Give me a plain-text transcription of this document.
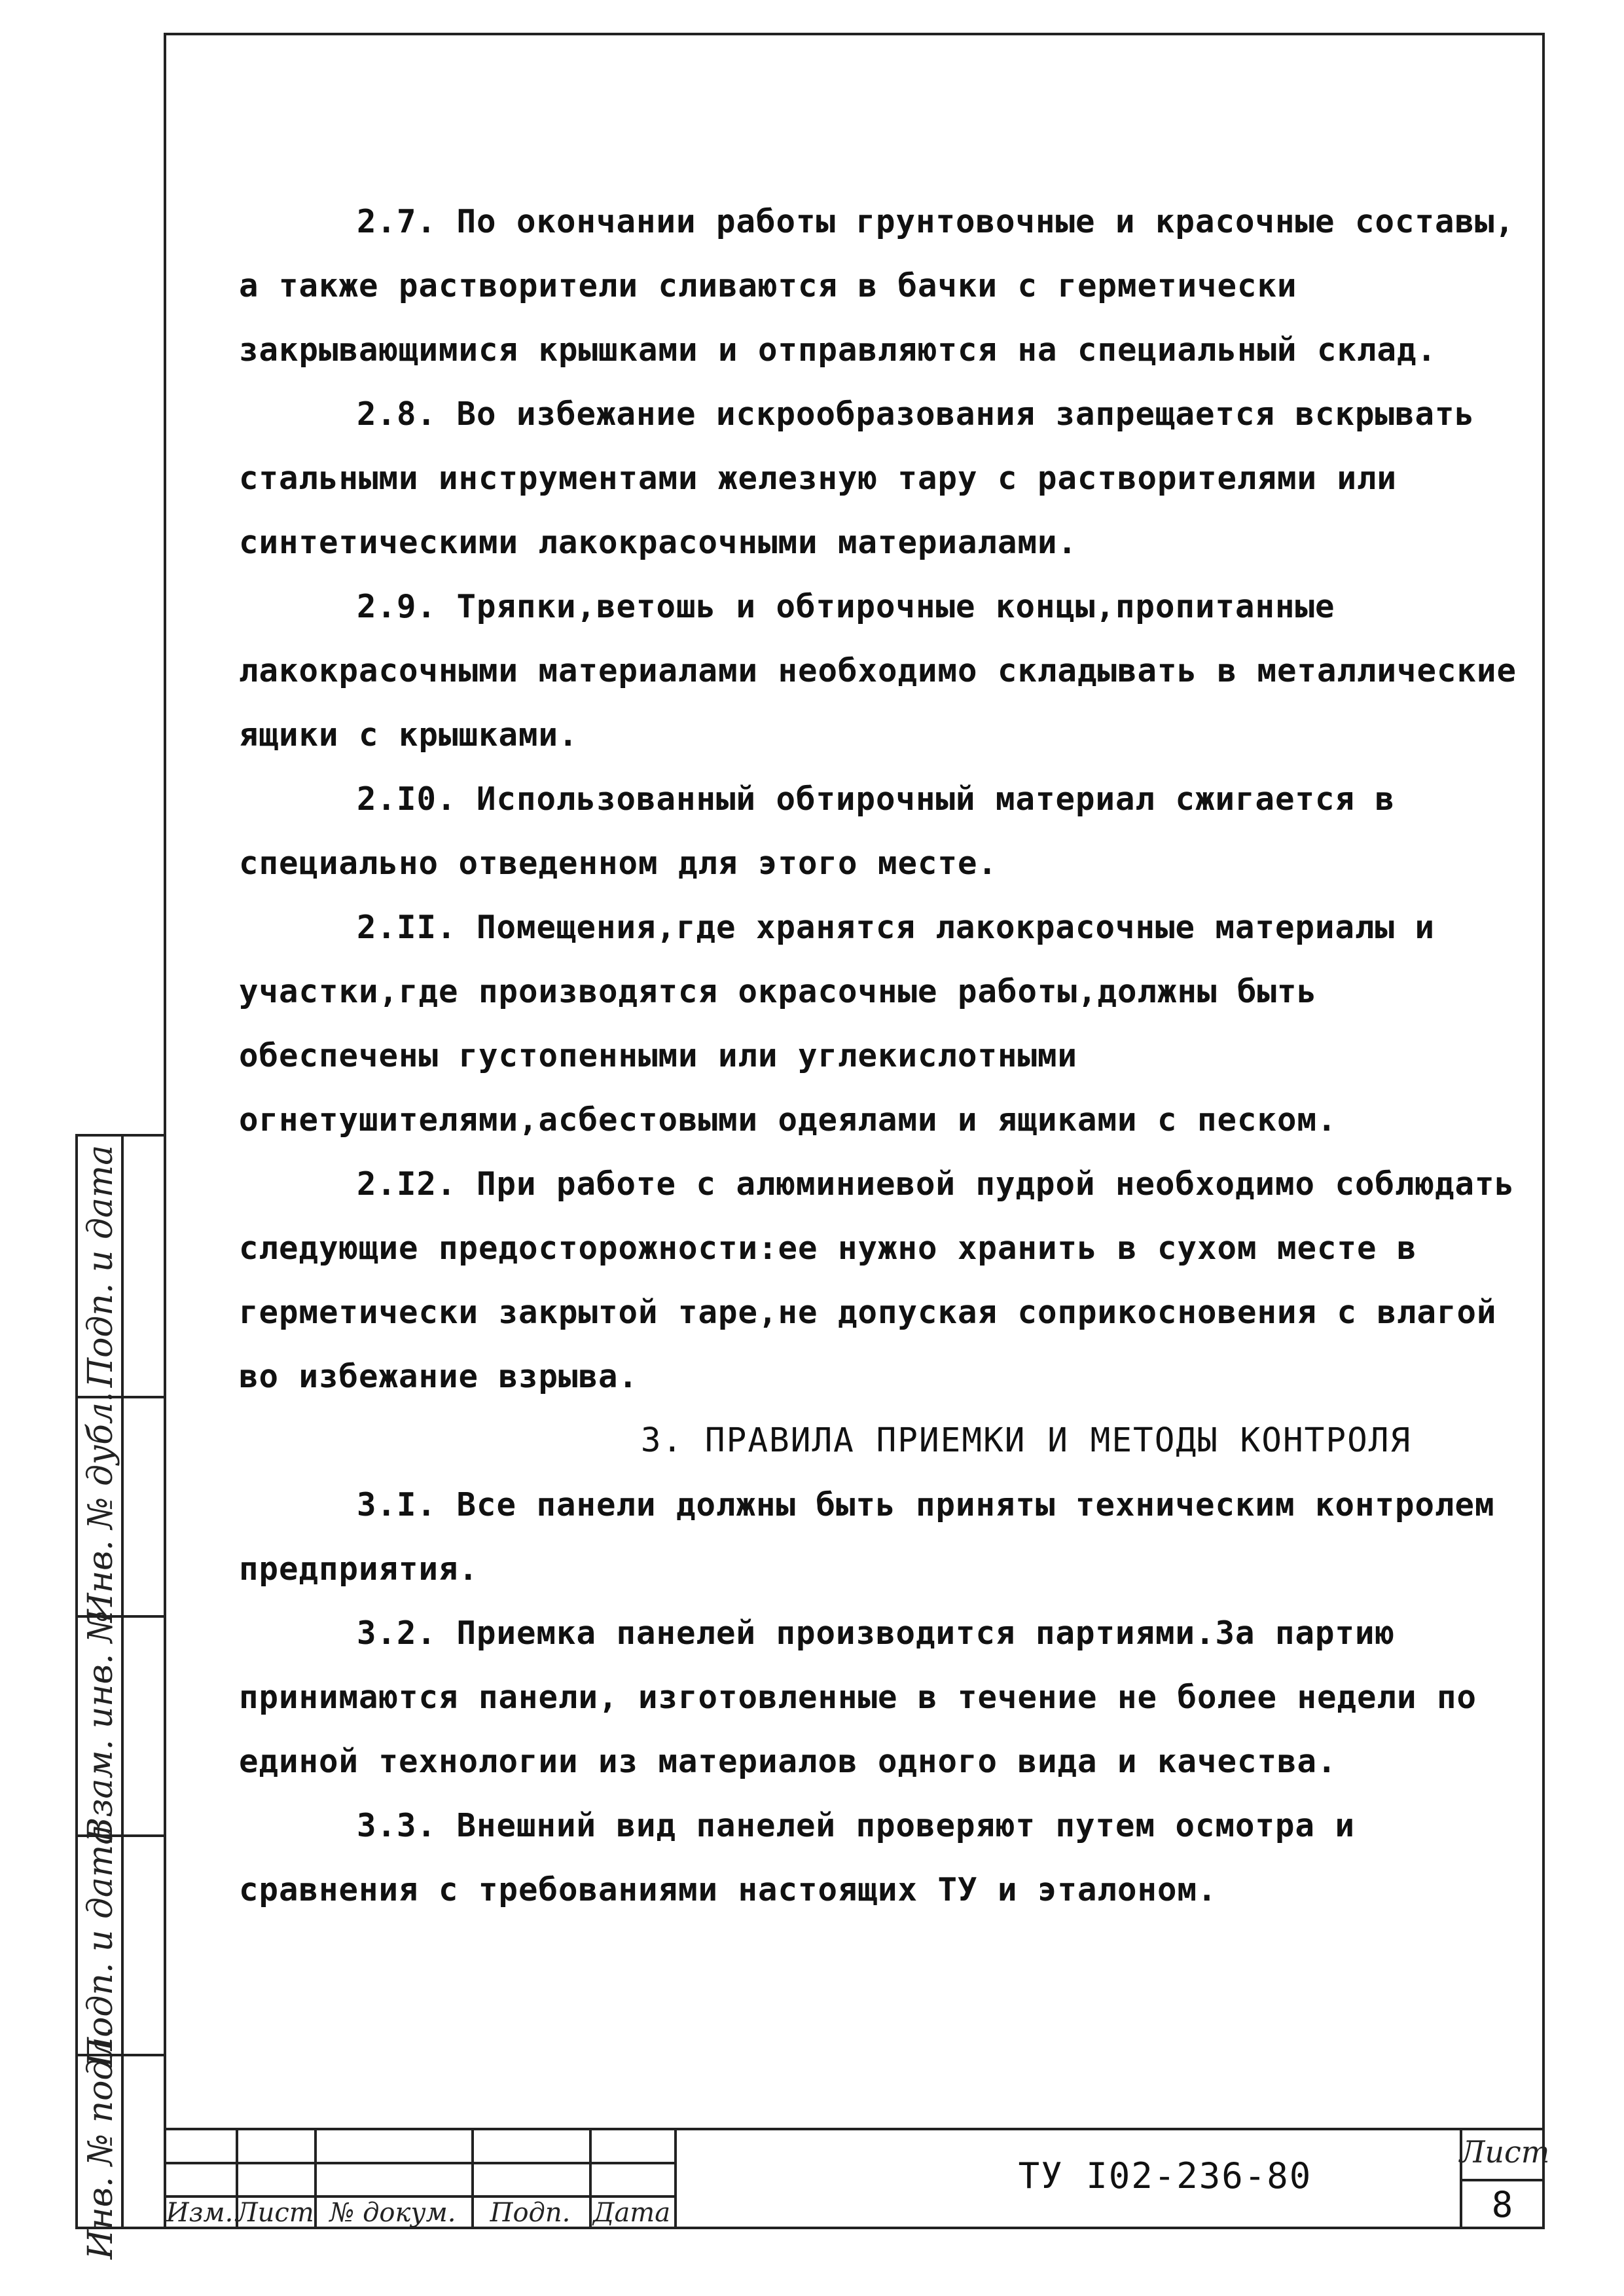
2.7. По окончании работы грунтовочные и красочные составы, а также растворители сливаются в бачки с герметически закрывающимися крышками и отправляются на специальный склад.

2.8. Во избежание искрообразования запрещается вскрывать стальными инструментами железную тару с растворителями или синтетическими лакокрасочными материалами.

2.9. Тряпки,ветошь и обтирочные концы,пропитанные лакокрасочными материалами необходимо складывать в металлические ящики с крышками.

2.I0. Использованный обтирочный материал сжигается в специально отведенном для этого месте.

2.II. Помещения,где хранятся лакокрасочные материалы и участки,где производятся окрасочные работы,должны быть обеспечены густопенными или углекислотными огнетушителями,асбестовыми одеялами и ящиками с песком.

2.I2. При работе с алюминиевой пудрой необходимо соблюдать следующие предосторожности:ее нужно хранить в сухом месте в герметически закрытой таре,не допуская соприкосновения с влагой во избежание взрыва.

3. ПРАВИЛА ПРИЕМКИ И МЕТОДЫ КОНТРОЛЯ

3.I. Все панели должны быть приняты техническим контролем предприятия.

3.2. Приемка панелей производится партиями.За партию принимаются панели, изготовленные в течение не более недели по единой технологии из материалов одного вида и качества.

3.3. Внешний вид панелей проверяют путем осмотра и сравнения с требованиями настоящих ТУ и эталоном.

Подп. и дата
Инв. № дубл.
Взам. инв. №
Подп. и дата
Инв. № подл. Изм. Лист № докум.	Подп. Дата
ТУ I02-236-80
Лист
8
